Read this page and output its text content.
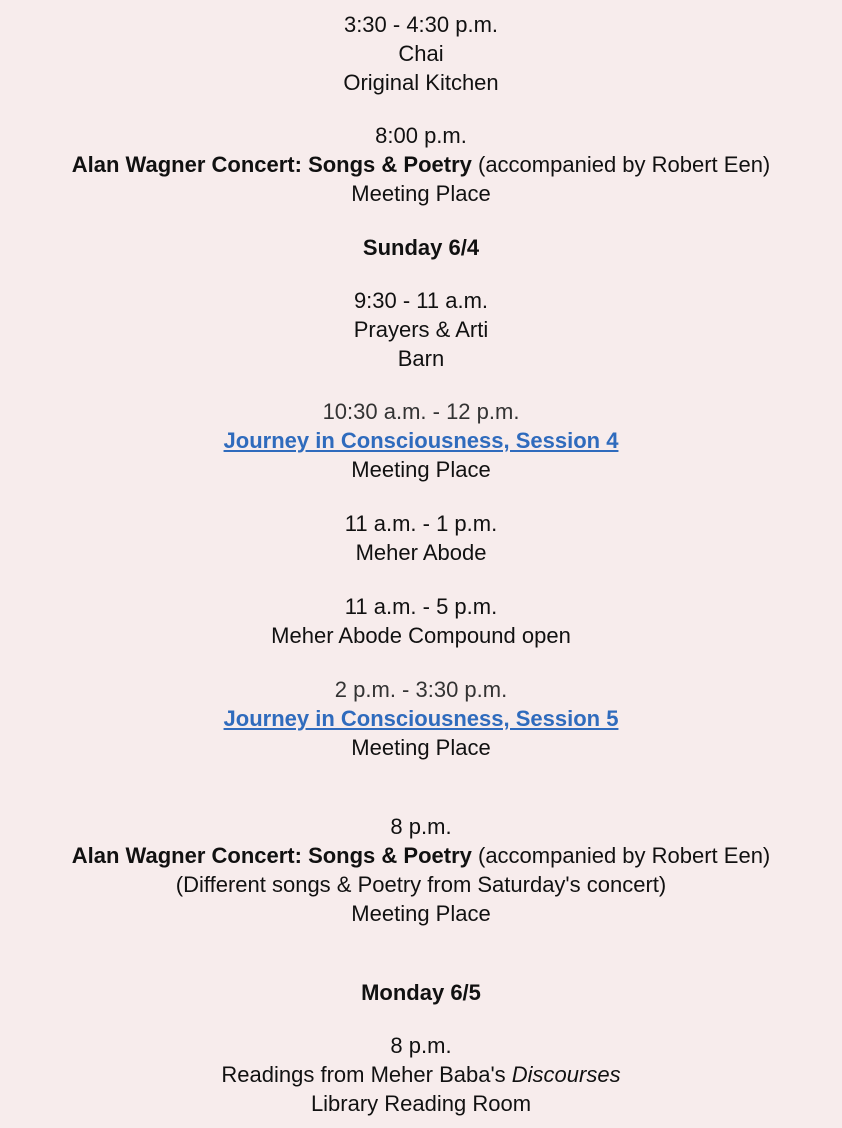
3:30 - 4:30 p.m.
Chai
Original Kitchen
8:00 p.m.
Alan Wagner Concert: Songs & Poetry (accompanied by Robert Een)
Meeting Place
Sunday 6/4
9:30 - 11 a.m.
Prayers & Arti
Barn
10:30 a.m. - 12 p.m.
Journey in Consciousness, Session 4
Meeting Place
11 a.m. - 1 p.m.
Meher Abode
11 a.m. - 5 p.m.
Meher Abode Compound open
2 p.m. - 3:30 p.m.
Journey in Consciousness, Session 5
Meeting Place
8 p.m.
Alan Wagner Concert: Songs & Poetry (accompanied by Robert Een)
(Different songs & Poetry from Saturday's concert)
Meeting Place
Monday 6/5
8 p.m.
Readings from Meher Baba's Discourses
Library Reading Room
